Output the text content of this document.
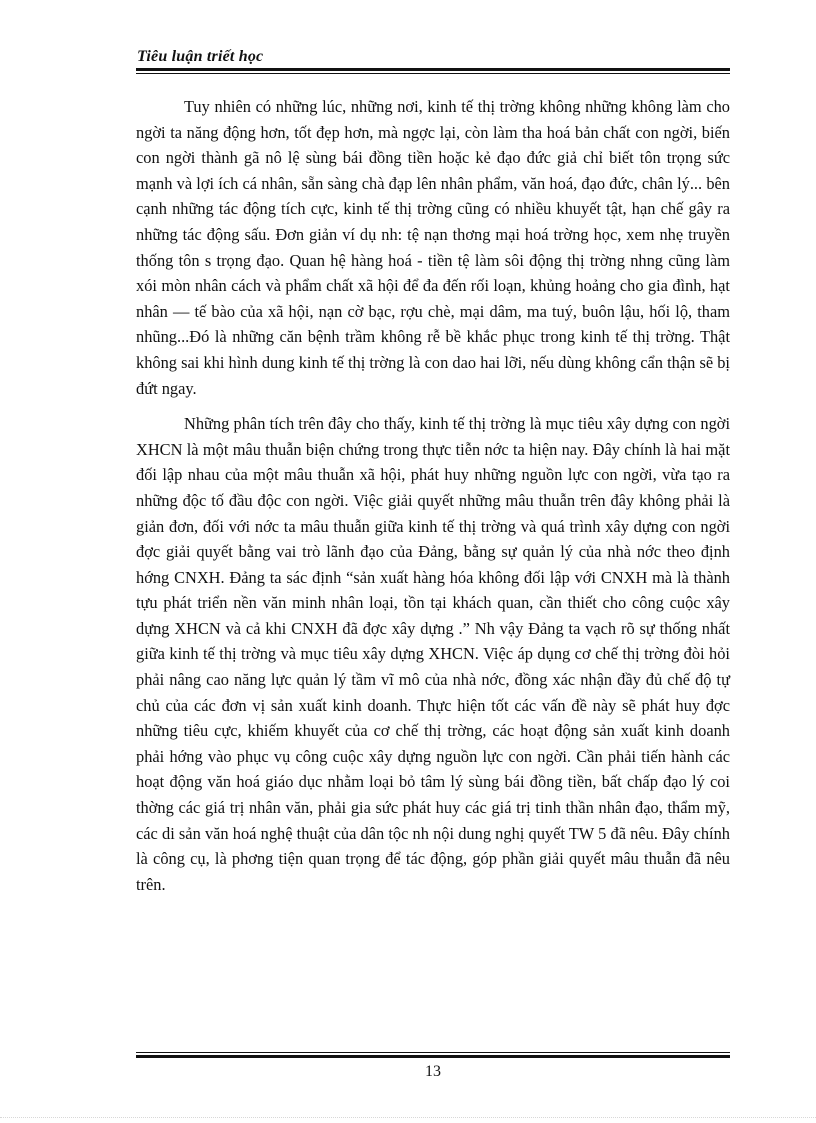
Tiêu luận triết học

Tuy nhiên có những lúc, những nơi, kinh tế thị trờng không những không làm cho ngời ta năng động hơn, tốt đẹp hơn, mà ngợc lại, còn làm tha hoá bản chất con ngời, biến con ngời thành gã nô lệ sùng bái đồng tiền hoặc kẻ đạo đức giả chỉ biết tôn trọng sức mạnh và lợi ích cá nhân, sẵn sàng chà đạp lên nhân phẩm, văn hoá, đạo đức, chân lý... bên cạnh những tác động tích cực, kinh tế thị trờng cũng có nhiều khuyết tật, hạn chế gây ra những tác động sấu. Đơn giản ví dụ nh: tệ nạn thơng mại hoá trờng học, xem nhẹ truyền thống tôn s trọng đạo. Quan hệ hàng hoá - tiền tệ làm sôi động thị trờng nhng cũng làm xói mòn nhân cách và phẩm chất xã hội để đa đến rối loạn, khủng hoảng cho gia đình, hạt nhân — tế bào của xã hội, nạn cờ bạc, rợu chè, mại dâm, ma tuý, buôn lậu, hối lộ, tham nhũng...Đó là những căn bệnh trầm không rễ bề khắc phục trong kinh tế thị trờng. Thật không sai khi hình dung kinh tế thị trờng là con dao hai lỡi, nếu dùng không cẩn thận sẽ bị đứt ngay.

Những phân tích trên đây cho thấy, kinh tế thị trờng là mục tiêu xây dựng con ngời XHCN là một mâu thuẫn biện chứng trong thực tiễn nớc ta hiện nay. Đây chính là hai mặt đối lập nhau của một mâu thuẫn xã hội, phát huy những nguồn lực con ngời, vừa tạo ra những độc tố đầu độc con ngời. Việc giải quyết những mâu thuẫn trên đây không phải là giản đơn, đối với nớc ta mâu thuẫn giữa kinh tế thị trờng và quá trình xây dựng con ngời đợc giải quyết bằng vai trò lãnh đạo của Đảng, bằng sự quản lý của nhà nớc theo định hớng CNXH. Đảng ta sác định “sản xuất hàng hóa không đối lập với CNXH mà là thành tựu phát triển nền văn minh nhân loại, tồn tại khách quan, cần thiết cho công cuộc xây dựng XHCN và cả khi CNXH đã đợc xây dựng .” Nh vậy Đảng ta vạch rõ sự thống nhất giữa kinh tế thị trờng và mục tiêu xây dựng XHCN. Việc áp dụng cơ chế thị trờng đòi hỏi phải nâng cao năng lực quản lý tầm vĩ mô của nhà nớc, đồng xác nhận đầy đủ chế độ tự chủ của các đơn vị sản xuất kinh doanh. Thực hiện tốt các vấn đề này sẽ phát huy đợc những tiêu cực, khiếm khuyết của cơ chế thị trờng, các hoạt động sản xuất kinh doanh phải hớng vào phục vụ công cuộc xây dựng nguồn lực con ngời. Cần phải tiến hành các hoạt động văn hoá giáo dục nhằm loại bỏ tâm lý sùng bái đồng tiền, bất chấp đạo lý coi thờng các giá trị nhân văn, phải gia sức phát huy các giá trị tinh thần nhân đạo, thẩm mỹ, các di sản văn hoá nghệ thuật của dân tộc nh nội dung nghị quyết TW 5 đã nêu. Đây chính là công cụ, là phơng tiện quan trọng để tác động, góp phần giải quyết mâu thuẫn đã nêu trên.

13
